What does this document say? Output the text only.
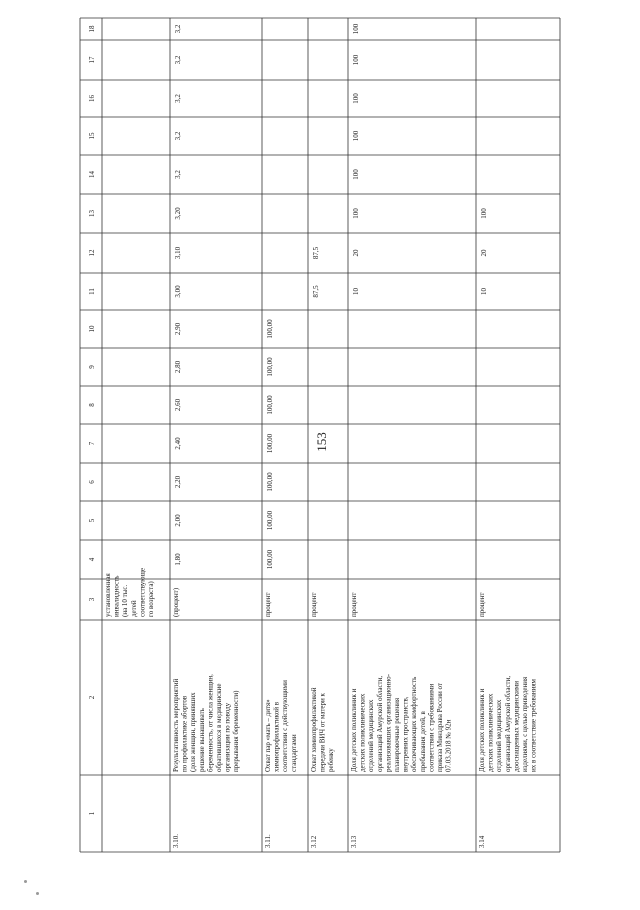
153
1
2
3
4
5
6
7
8
9
10
11
12
13
14
15
16
17
18
установленная инвалидность (на 10 тыс. детей соответствующе го возраста)
3.10.
Результативность мероприятий по профилактике абортов (доля женщин, принявших решение вынашивать беременность, от числа женщин, обратившихся в медицинские организации по поводу прерывания беременности)
(процент)
1,80
2,00
2,20
2,40
2,60
2,80
2,90
3,00
3,10
3,20
3,2
3,2
3,2
3,2
3,2
3.11.
Охват пар «мать – дитя» химиопрофилактикой в соответствии с действующими стандартами
процент
100,00
100,00
100,00
100,00
100,00
100,00
100,00
3.12
Охват химиопрофилактикой передачи ВИЧ от матери к ребенку
процент
87,5
87,5
3.13
Доля детских поликлиник и детских поликлинических отделений медицинских организаций Амурской области, реализовавших организационно- планировочные решения внутренних пространств, обеспечивающих комфортность пребывания детей, в соответствии с требованиями приказа Минздрава России от 07.03.2018 № 92н
процент
10
20
100
100
100
100
100
100
3.14
Доля детских поликлиник и детских поликлинических отделений медицинских организаций Амурской области, дооснащенных медицинскими изделиями, с целью приведения их в соответствие требованиям
процент
10
20
100
